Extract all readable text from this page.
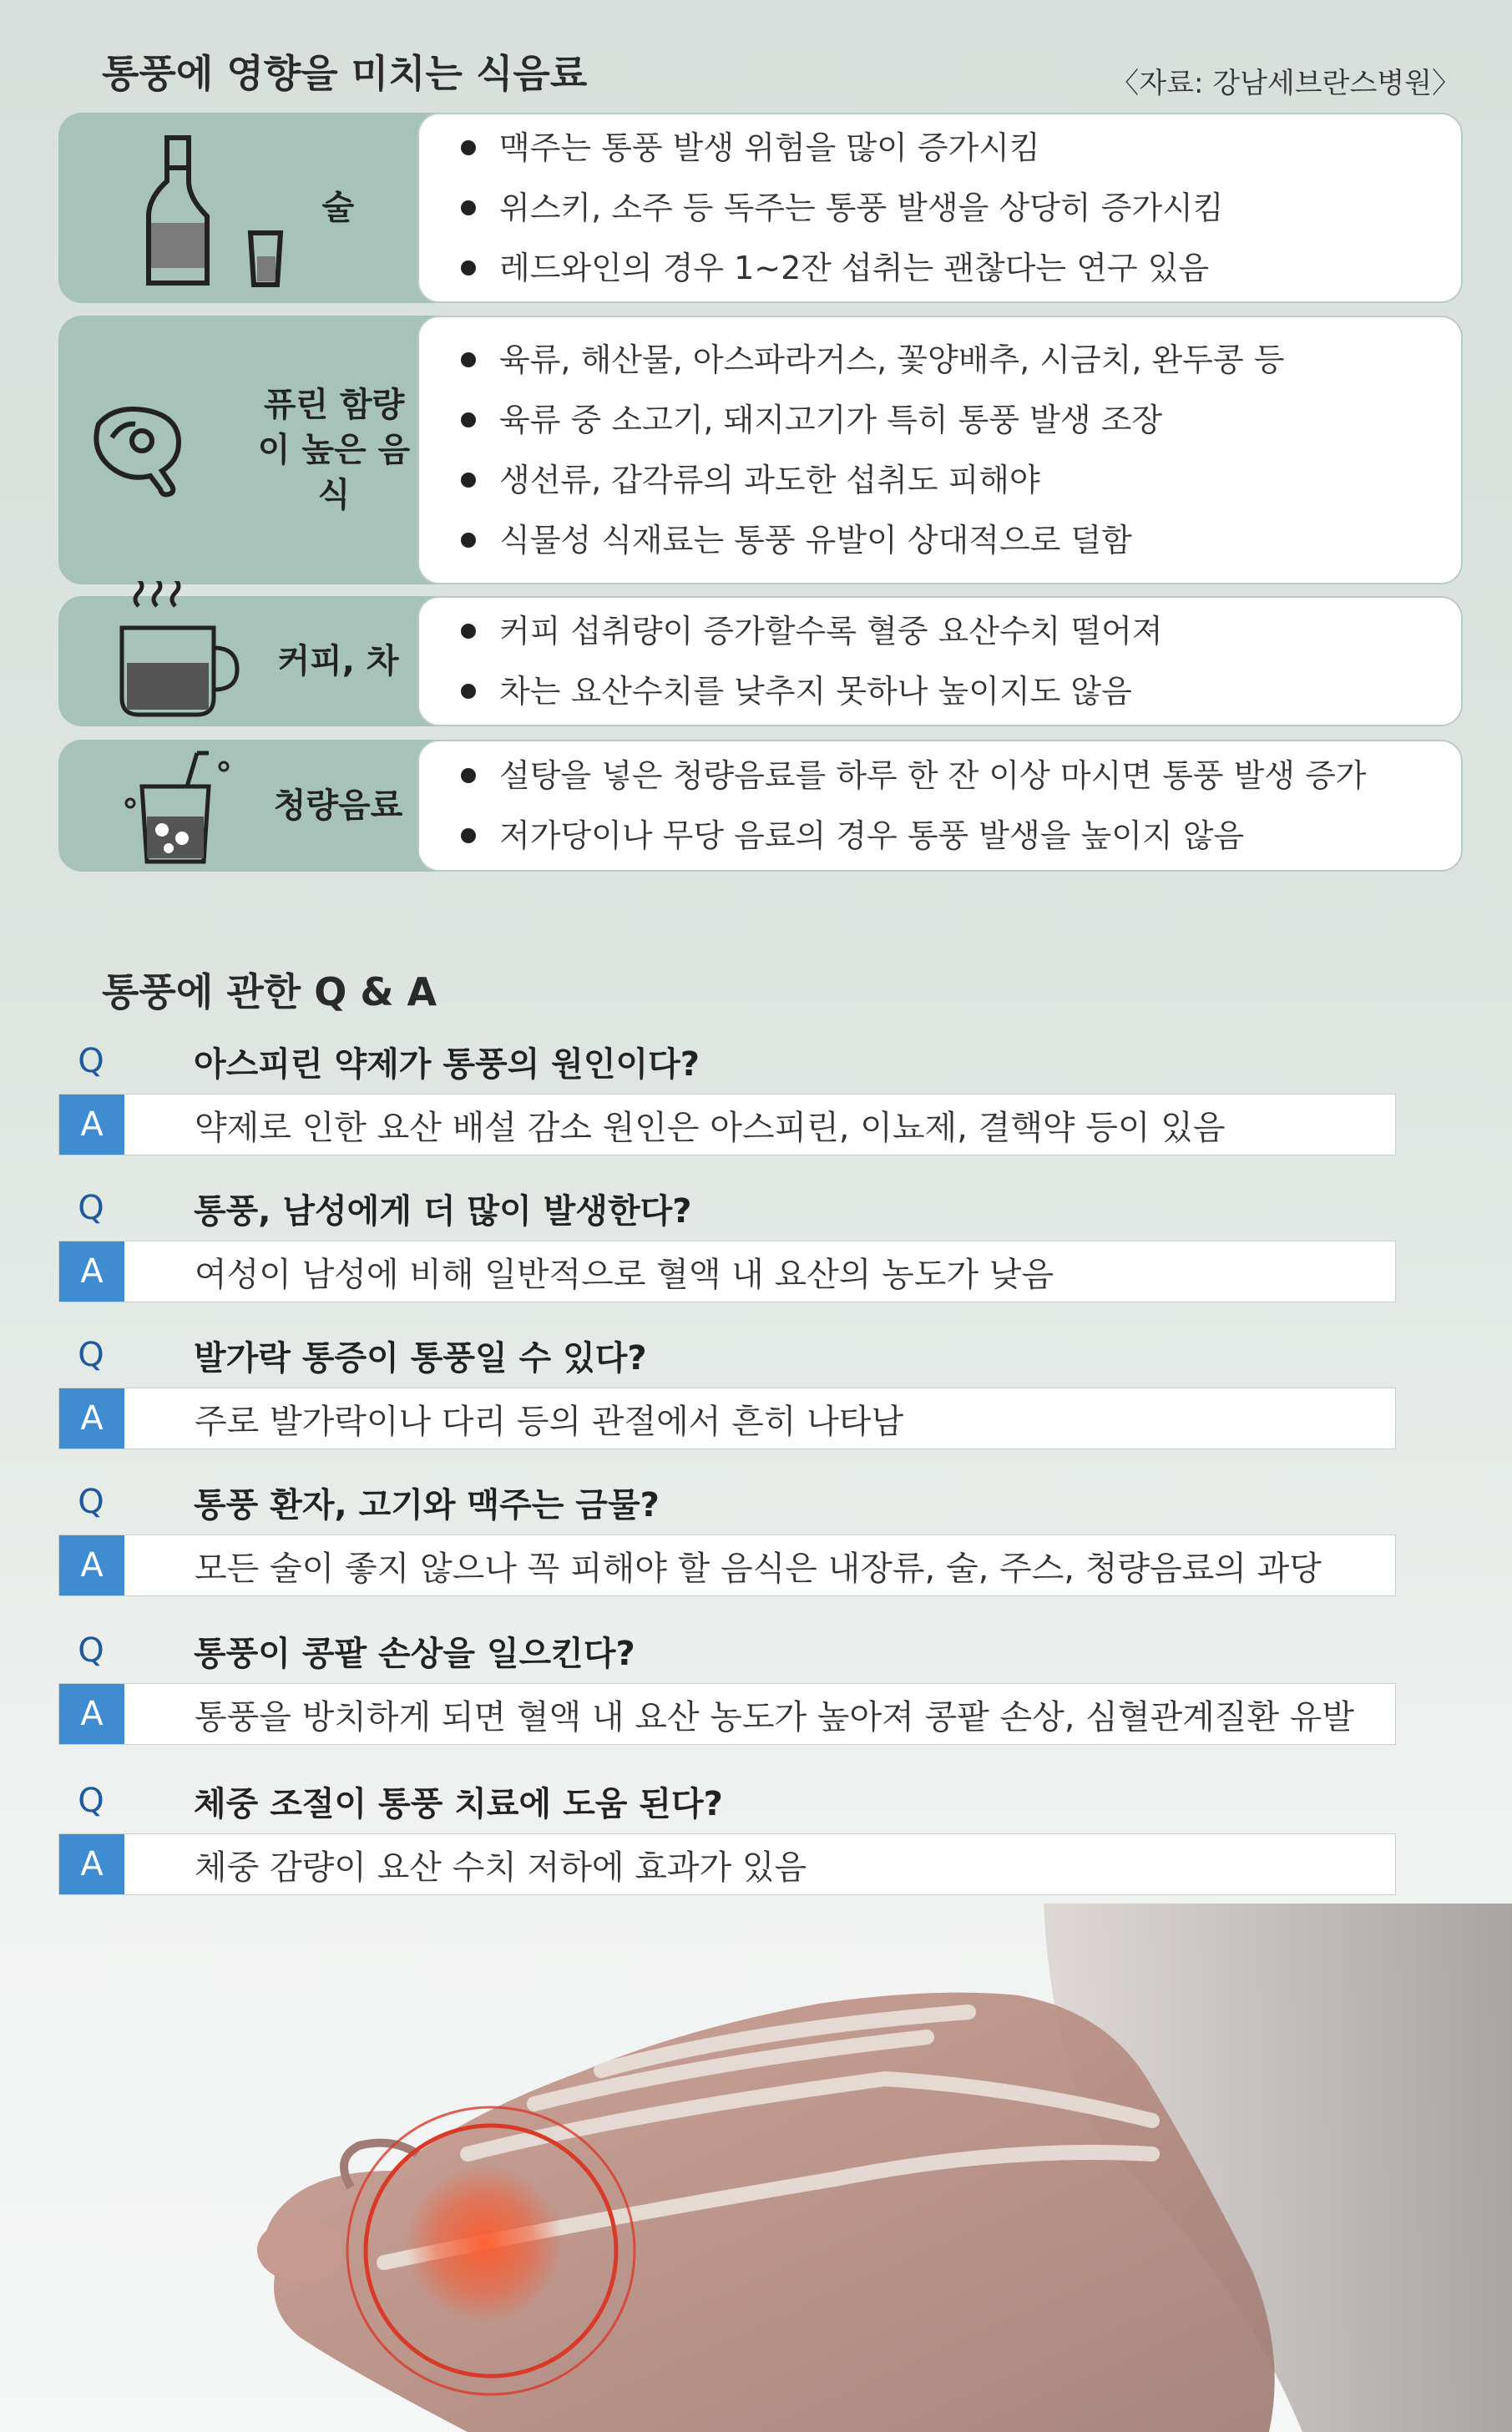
통풍에 영향을 미치는 식음료	〈자료: 강남세브란스병원〉
술
맥주는 통풍 발생 위험을 많이 증가시킴
위스키, 소주 등 독주는 통풍 발생을 상당히 증가시킴
레드와인의 경우 1~2잔 섭취는 괜찮다는 연구 있음
퓨린 함량이 높은 음식
육류, 해산물, 아스파라거스, 꽃양배추, 시금치, 완두콩 등
육류 중 소고기, 돼지고기가 특히 통풍 발생 조장
생선류, 갑각류의 과도한 섭취도 피해야
식물성 식재료는 통풍 유발이 상대적으로 덜함
커피, 차
커피 섭취량이 증가할수록 혈중 요산수치 떨어져
차는 요산수치를 낮추지 못하나 높이지도 않음
청량음료
설탕을 넣은 청량음료를 하루 한 잔 이상 마시면 통풍 발생 증가
저가당이나 무당 음료의 경우 통풍 발생을 높이지 않음
통풍에 관한 Q & A
Q	아스피린 약제가 통풍의 원인이다?
A	약제로 인한 요산 배설 감소 원인은 아스피린, 이뇨제, 결핵약 등이 있음
Q	통풍, 남성에게 더 많이 발생한다?
A	여성이 남성에 비해 일반적으로 혈액 내 요산의 농도가 낮음
Q	발가락 통증이 통풍일 수 있다?
A	주로 발가락이나 다리 등의 관절에서 흔히 나타남
Q	통풍 환자, 고기와 맥주는 금물?
A	모든 술이 좋지 않으나 꼭 피해야 할 음식은 내장류, 술, 주스, 청량음료의 과당
Q	통풍이 콩팥 손상을 일으킨다?
A	통풍을 방치하게 되면 혈액 내 요산 농도가 높아져 콩팥 손상, 심혈관계질환 유발
Q	체중 조절이 통풍 치료에 도움 된다?
A	체중 감량이 요산 수치 저하에 효과가 있음
